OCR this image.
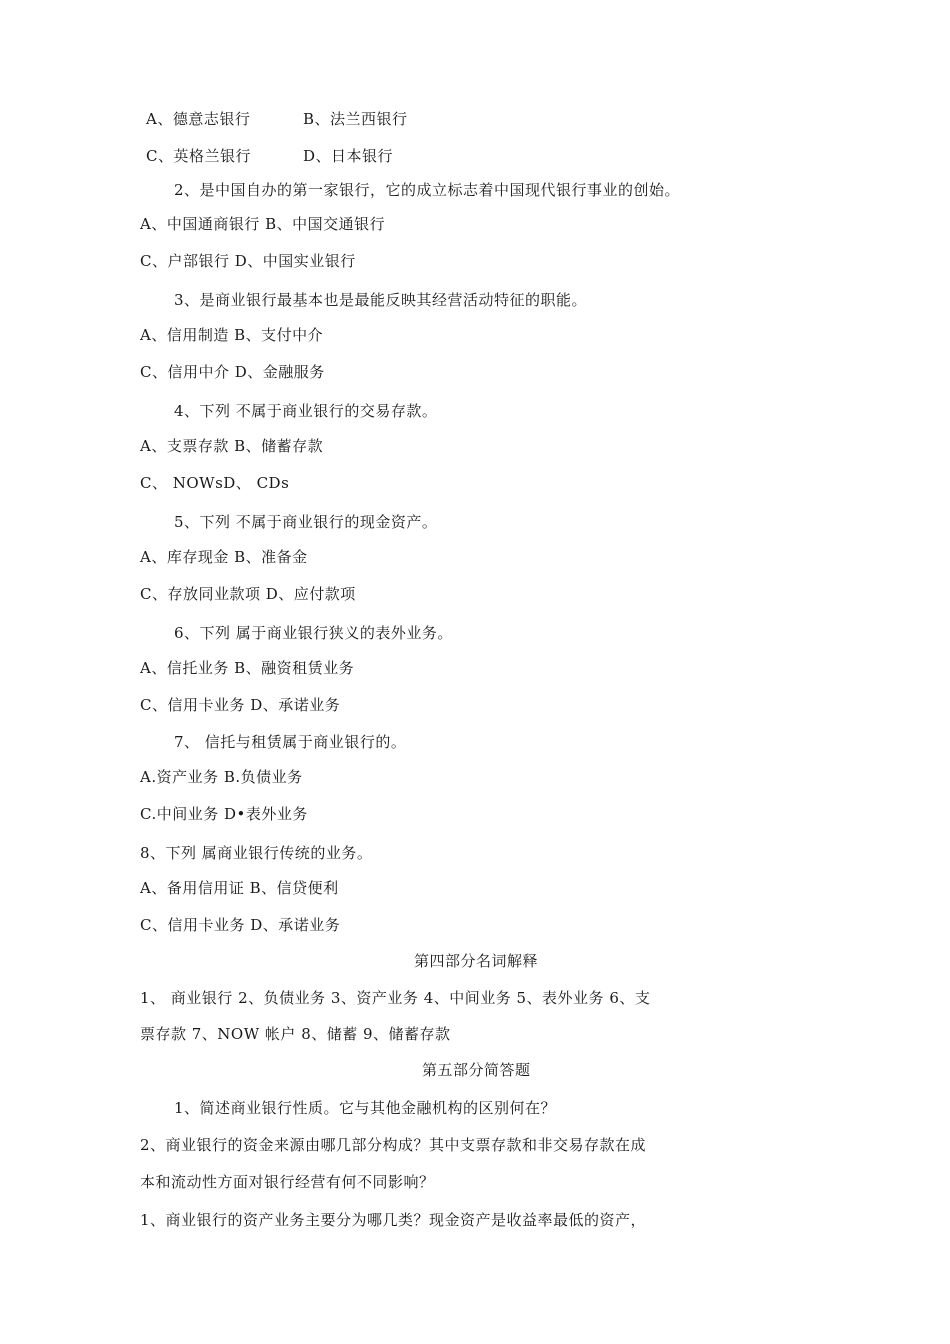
A、德意志银行	B、法兰西银行
C、英格兰银行	D、日本银行
2、是中国自办的第一家银行，它的成立标志着中国现代银行事业的创始。
A、中国通商银行 B、中国交通银行
C、户部银行 D、中国实业银行
3、是商业银行最基本也是最能反映其经营活动特征的职能。
A、信用制造 B、支付中介
C、信用中介 D、金融服务
4、下列 不属于商业银行的交易存款。
A、支票存款 B、储蓄存款
C、 NOWsD、 CDs
5、下列 不属于商业银行的现金资产。
A、库存现金 B、准备金
C、存放同业款项 D、应付款项
6、下列 属于商业银行狭义的表外业务。
A、信托业务 B、融资租赁业务
C、信用卡业务 D、承诺业务
7、 信托与租赁属于商业银行的。
A.资产业务 B.负债业务
C.中间业务 D•表外业务
8、下列 属商业银行传统的业务。
A、备用信用证 B、信贷便利
C、信用卡业务 D、承诺业务
第四部分名词解释
1、 商业银行 2、负债业务 3、资产业务 4、中间业务 5、表外业务 6、支
票存款 7、NOW 帐户 8、储蓄 9、储蓄存款
第五部分简答题
1、简述商业银行性质。它与其他金融机构的区别何在？
2、商业银行的资金来源由哪几部分构成？其中支票存款和非交易存款在成
本和流动性方面对银行经营有何不同影响？
1、商业银行的资产业务主要分为哪几类？现金资产是收益率最低的资产，
